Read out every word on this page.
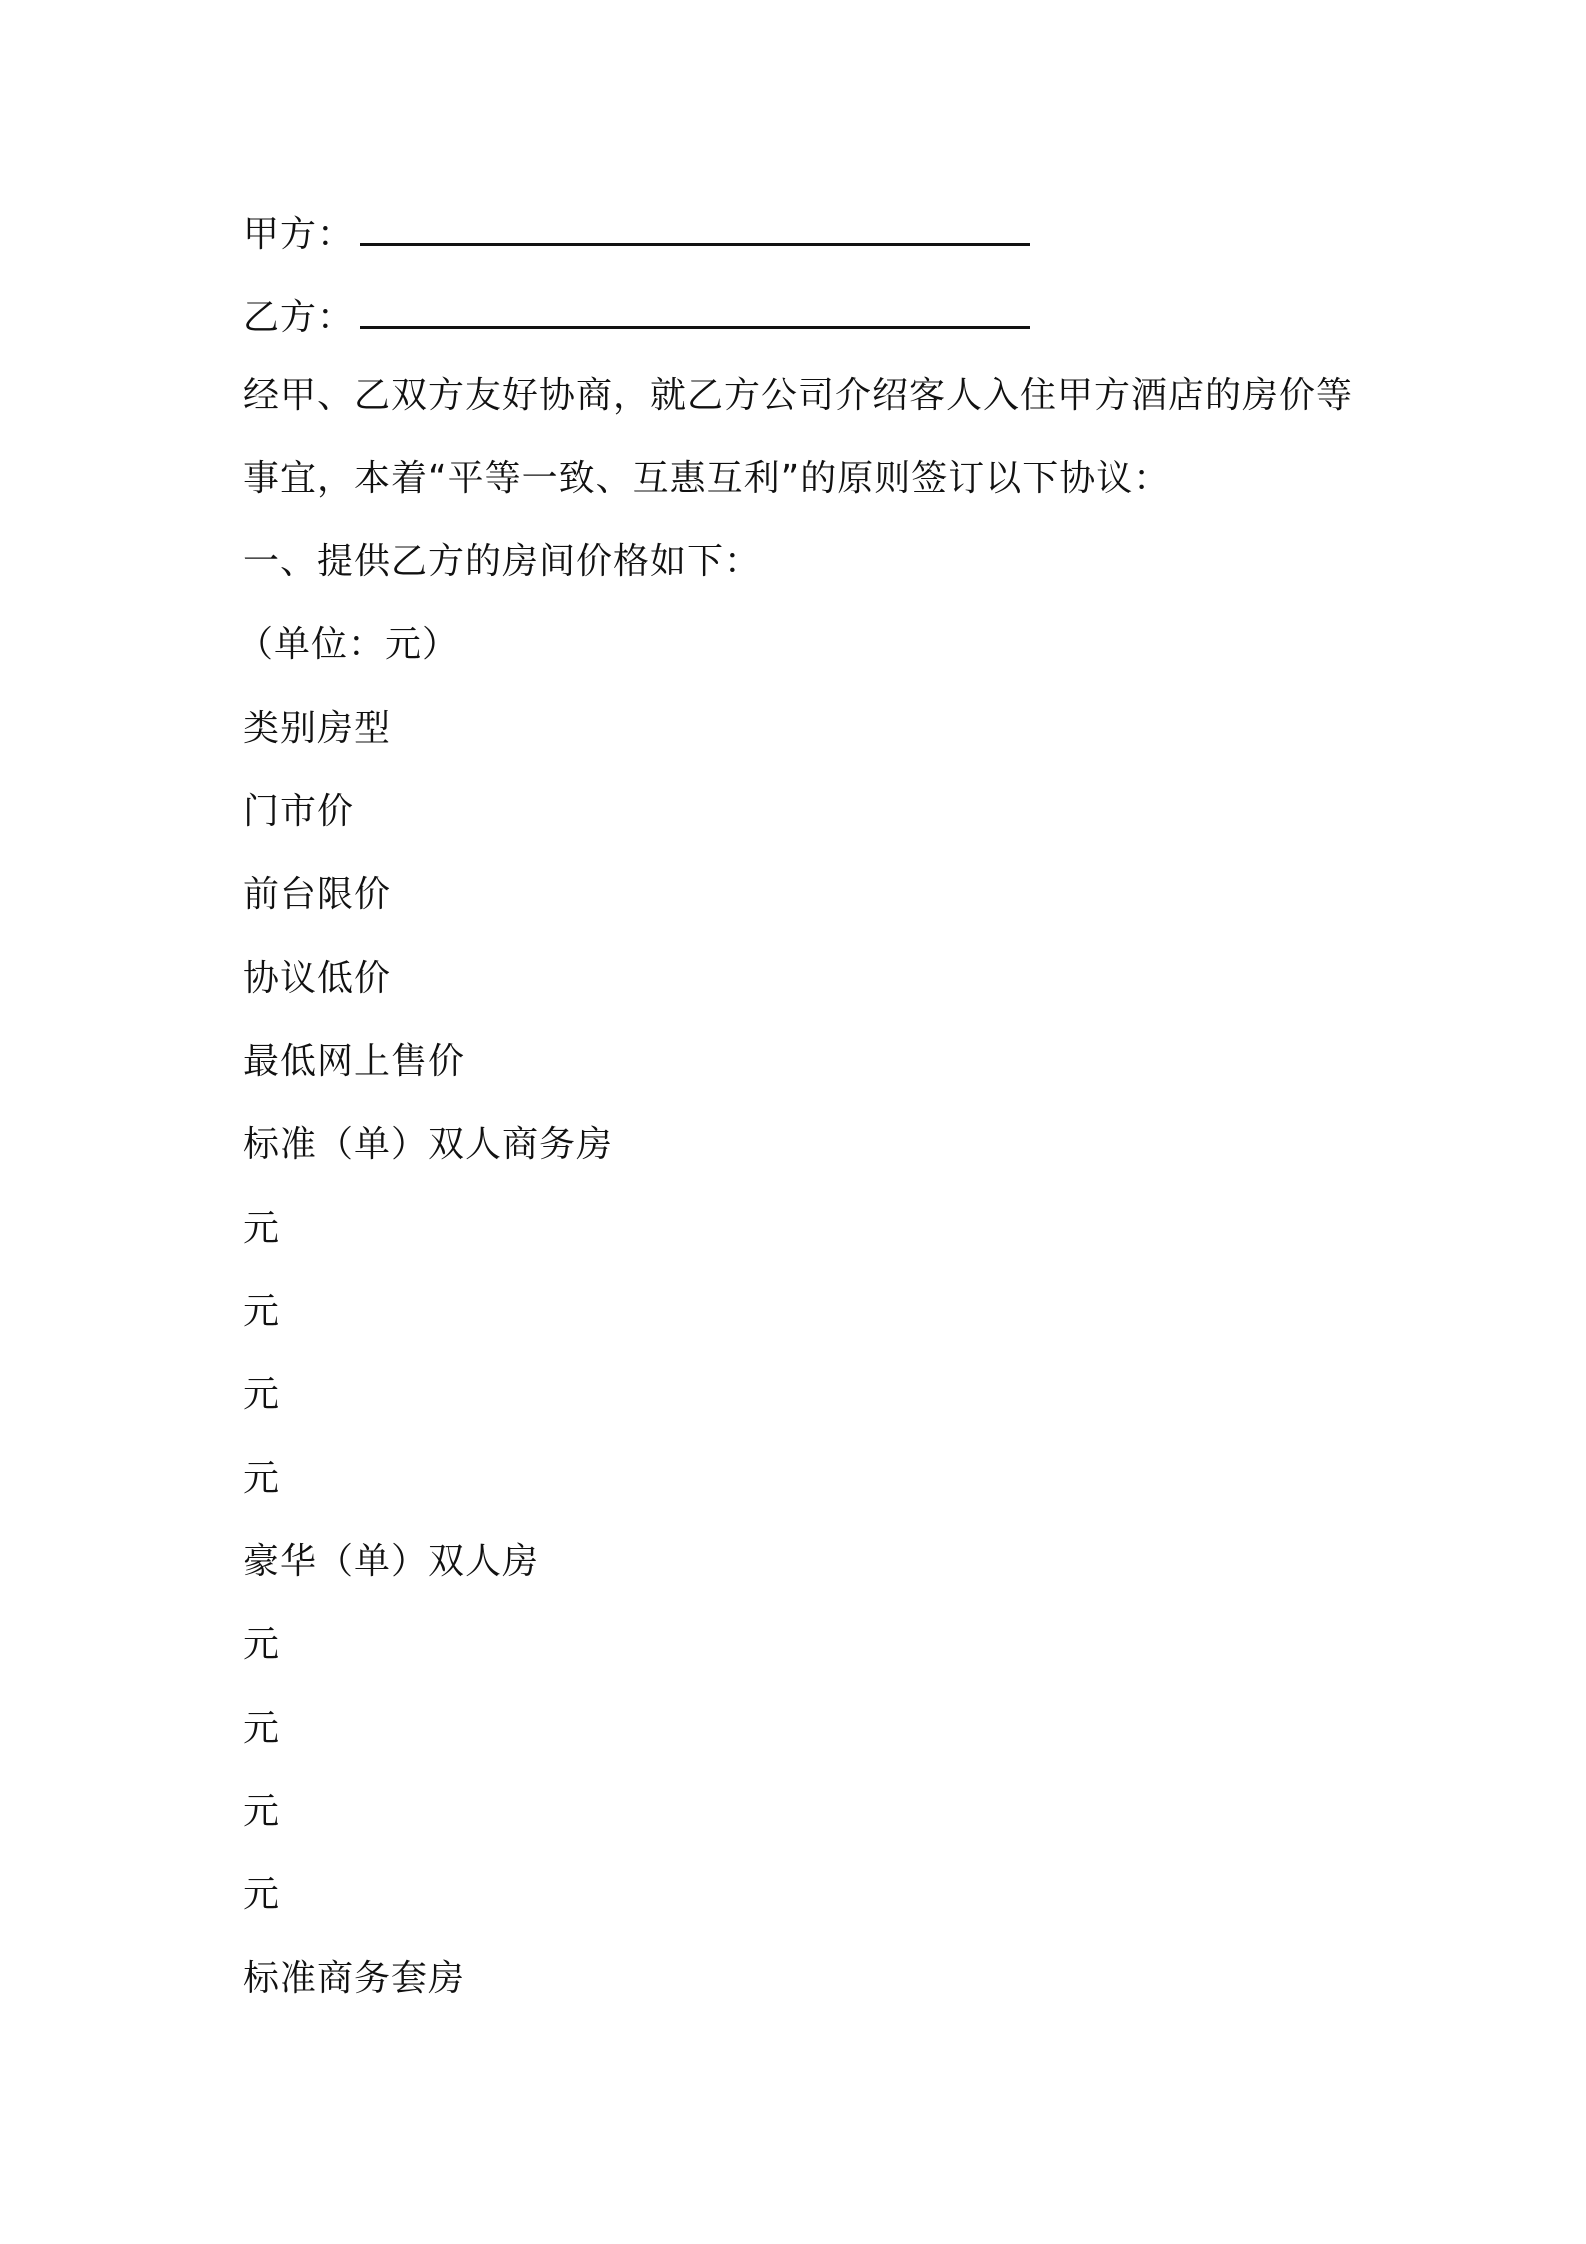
甲方：
乙方：
经甲、乙双方友好协商，就乙方公司介绍客人入住甲方酒店的房价等
事宜，本着“平等一致、互惠互利”的原则签订以下协议：
一、提供乙方的房间价格如下：
（单位：元）
类别房型
门市价
前台限价
协议低价
最低网上售价
标准（单）双人商务房
元
元
元
元
豪华（单）双人房
元
元
元
元
标准商务套房
